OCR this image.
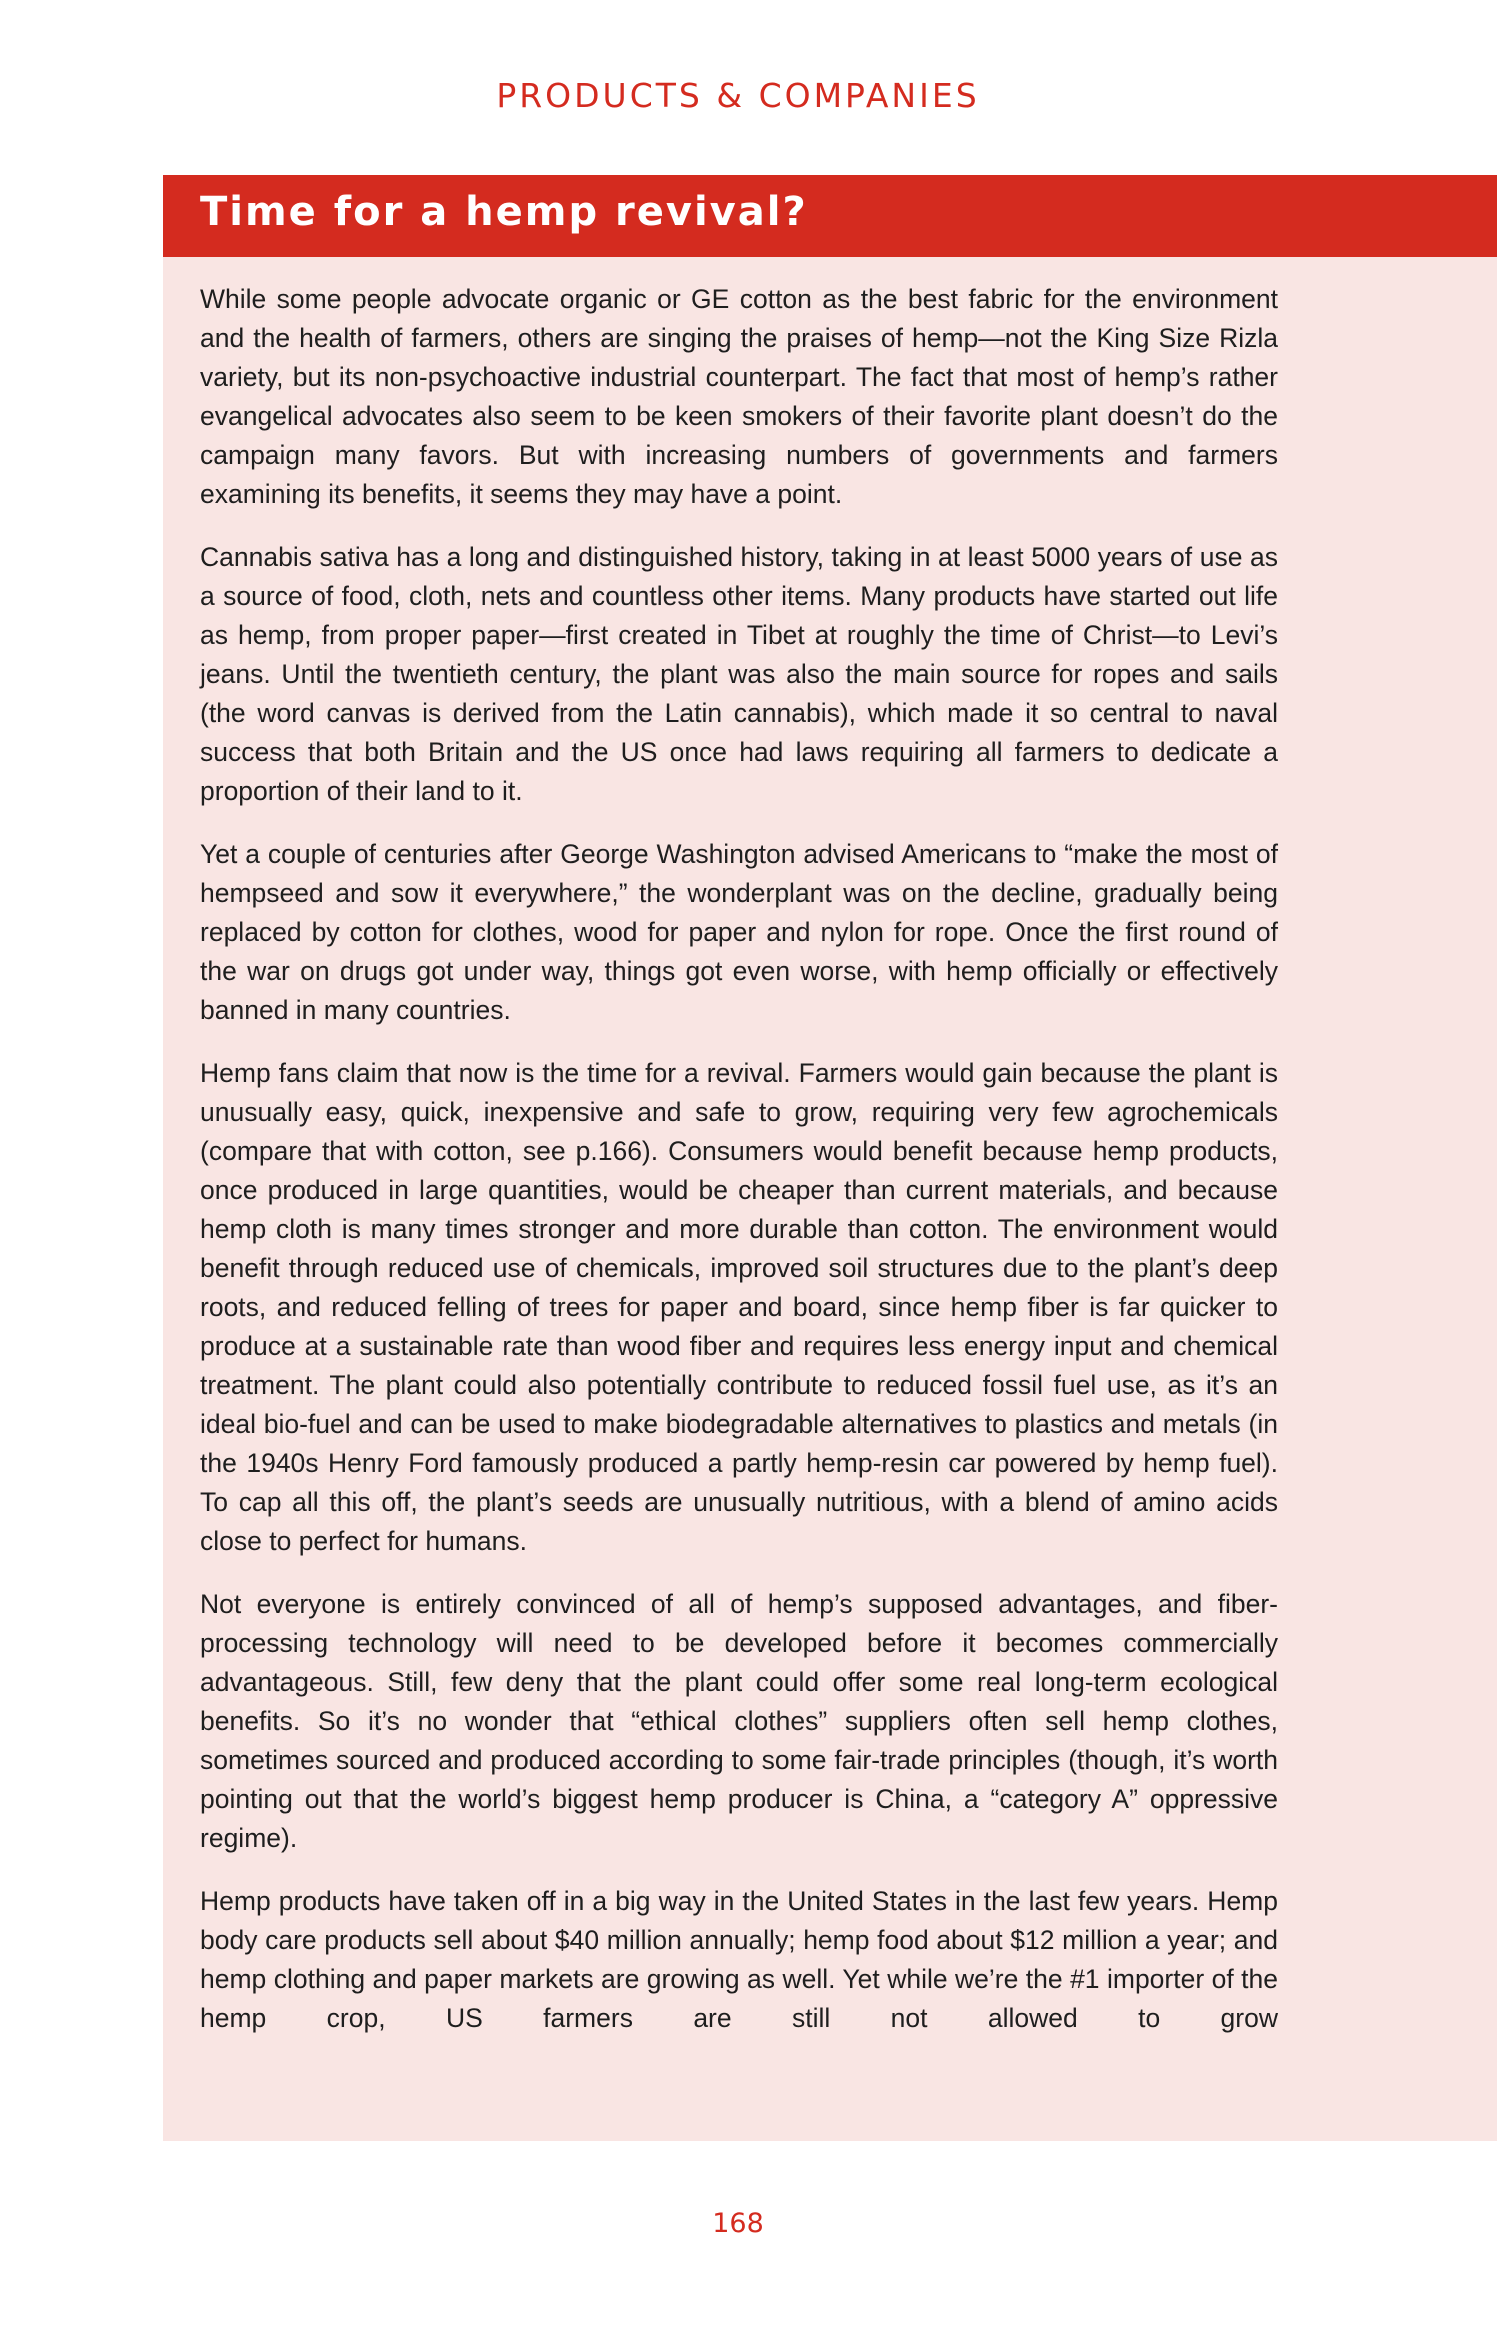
PRODUCTS & COMPANIES
Time for a hemp revival?

While some people advocate organic or GE cotton as the best fabric for the environment and the health of farmers, others are singing the praises of hemp—not the King Size Rizla variety, but its non-psychoactive industrial counterpart. The fact that most of hemp’s rather evangelical advocates also seem to be keen smokers of their favorite plant doesn’t do the campaign many favors. But with increasing numbers of governments and farmers examining its benefits, it seems they may have a point.

Cannabis sativa has a long and distinguished history, taking in at least 5000 years of use as a source of food, cloth, nets and countless other items. Many products have started out life as hemp, from proper paper—first created in Tibet at roughly the time of Christ—to Levi’s jeans. Until the twentieth century, the plant was also the main source for ropes and sails (the word canvas is derived from the Latin cannabis), which made it so central to naval success that both Britain and the US once had laws requiring all farmers to dedicate a proportion of their land to it.

Yet a couple of centuries after George Washington advised Americans to “make the most of hempseed and sow it everywhere,” the wonderplant was on the decline, gradually being replaced by cotton for clothes, wood for paper and nylon for rope. Once the first round of the war on drugs got under way, things got even worse, with hemp officially or effectively banned in many countries.

Hemp fans claim that now is the time for a revival. Farmers would gain because the plant is unusually easy, quick, inexpensive and safe to grow, requiring very few agrochemicals (compare that with cotton, see p.166). Consumers would benefit because hemp products, once produced in large quantities, would be cheaper than current materials, and because hemp cloth is many times stronger and more durable than cotton. The environment would benefit through reduced use of chemicals, improved soil structures due to the plant’s deep roots, and reduced felling of trees for paper and board, since hemp fiber is far quicker to produce at a sustainable rate than wood fiber and requires less energy input and chemical treatment. The plant could also potentially contribute to reduced fossil fuel use, as it’s an ideal bio-fuel and can be used to make biodegradable alternatives to plastics and metals (in the 1940s Henry Ford famously produced a partly hemp-resin car powered by hemp fuel). To cap all this off, the plant’s seeds are unusually nutritious, with a blend of amino acids close to perfect for humans.

Not everyone is entirely convinced of all of hemp’s supposed advantages, and fiber-processing technology will need to be developed before it becomes commercially advantageous. Still, few deny that the plant could offer some real long-term ecological benefits. So it’s no wonder that “ethical clothes” suppliers often sell hemp clothes, sometimes sourced and produced according to some fair-trade principles (though, it’s worth pointing out that the world’s biggest hemp producer is China, a “category A” oppressive regime).

Hemp products have taken off in a big way in the United States in the last few years. Hemp body care products sell about $40 million annually; hemp food about $12 million a year; and hemp clothing and paper markets are growing as well. Yet while we’re the #1 importer of the hemp crop, US farmers are still not allowed to grow

168
